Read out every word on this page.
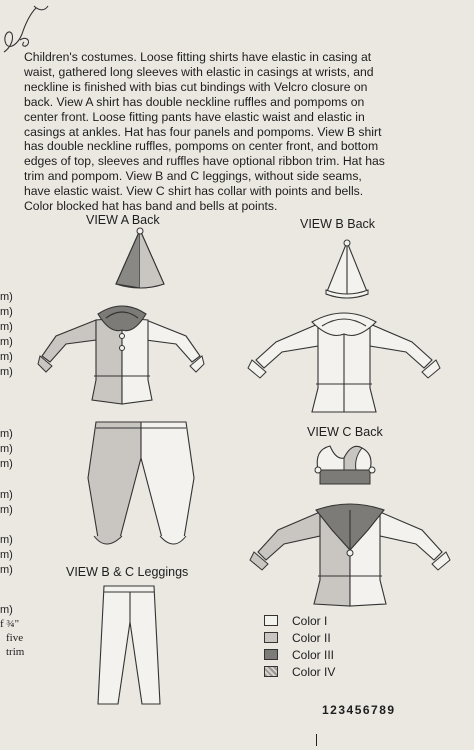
Children's costumes. Loose fitting shirts have elastic in casing at
waist, gathered long sleeves with elastic in casings at wrists, and
neckline is finished with bias cut bindings with Velcro closure on
back. View A shirt has double neckline ruffles and pompoms on
center front. Loose fitting pants have elastic waist and elastic in
casings at ankles. Hat has four panels and pompoms. View B shirt
has double neckline ruffles, pompoms on center front, and bottom
edges of top, sleeves and ruffles have optional ribbon trim. Hat has
trim and pompom. View B and C leggings, without side seams,
have elastic waist. View C shirt has collar with points and bells.
Color blocked hat has band and bells at points.
VIEW A Back	VIEW B Back
VIEW C Back
VIEW B & C Leggings
m)
m)
m)
m)
m)
m)
m)
m)
m)
m)
m)
m)
m)
m)
m)
f ¾"
five
trim
Color I
Color II
Color III
Color IV
123456789
